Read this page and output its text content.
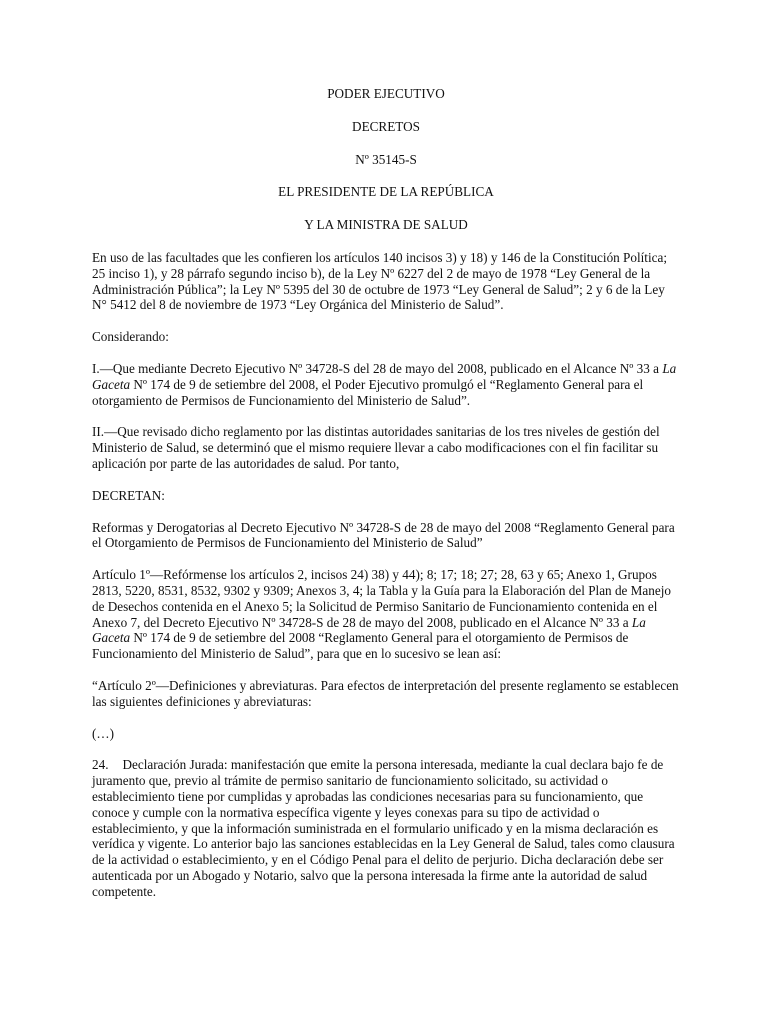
PODER EJECUTIVO

DECRETOS

Nº 35145-S

EL PRESIDENTE DE LA REPÚBLICA

Y LA MINISTRA DE SALUD

En uso de las facultades que les confieren los artículos 140 incisos 3) y 18) y 146 de la Constitución Política; 25 inciso 1), y 28 párrafo segundo inciso b), de la Ley Nº 6227 del 2 de mayo de 1978 “Ley General de la Administración Pública”; la Ley Nº 5395 del 30 de octubre de 1973 “Ley General de Salud”; 2 y 6 de la Ley N° 5412 del 8 de noviembre de 1973 “Ley Orgánica del Ministerio de Salud”.

Considerando:

I.—Que mediante Decreto Ejecutivo Nº 34728-S del 28 de mayo del 2008, publicado en el Alcance Nº 33 a La Gaceta Nº 174 de 9 de setiembre del 2008, el Poder Ejecutivo promulgó el “Reglamento General para el otorgamiento de Permisos de Funcionamiento del Ministerio de Salud”.

II.—Que revisado dicho reglamento por las distintas autoridades sanitarias de los tres niveles de gestión del Ministerio de Salud, se determinó que el mismo requiere llevar a cabo modificaciones con el fin facilitar su aplicación por parte de las autoridades de salud. Por tanto,

DECRETAN:

Reformas y Derogatorias al Decreto Ejecutivo Nº 34728-S de 28 de mayo del 2008 “Reglamento General para el Otorgamiento de Permisos de Funcionamiento del Ministerio de Salud”

Artículo 1º—Refórmense los artículos 2, incisos 24) 38) y 44); 8; 17; 18; 27; 28, 63 y 65; Anexo 1, Grupos 2813, 5220, 8531, 8532, 9302 y 9309; Anexos 3, 4; la Tabla y la Guía para la Elaboración del Plan de Manejo de Desechos contenida en el Anexo 5; la Solicitud de Permiso Sanitario de Funcionamiento contenida en el Anexo 7, del Decreto Ejecutivo Nº 34728-S de 28 de mayo del 2008, publicado en el Alcance Nº 33 a La Gaceta Nº 174 de 9 de setiembre del 2008 “Reglamento General para el otorgamiento de Permisos de Funcionamiento del Ministerio de Salud”, para que en lo sucesivo se lean así:

“Artículo 2º—Definiciones y abreviaturas. Para efectos de interpretación del presente reglamento se establecen las siguientes definiciones y abreviaturas:

(…)

24. Declaración Jurada: manifestación que emite la persona interesada, mediante la cual declara bajo fe de juramento que, previo al trámite de permiso sanitario de funcionamiento solicitado, su actividad o establecimiento tiene por cumplidas y aprobadas las condiciones necesarias para su funcionamiento, que conoce y cumple con la normativa específica vigente y leyes conexas para su tipo de actividad o establecimiento, y que la información suministrada en el formulario unificado y en la misma declaración es verídica y vigente. Lo anterior bajo las sanciones establecidas en la Ley General de Salud, tales como clausura de la actividad o establecimiento, y en el Código Penal para el delito de perjurio. Dicha declaración debe ser autenticada por un Abogado y Notario, salvo que la persona interesada la firme ante la autoridad de salud competente.
